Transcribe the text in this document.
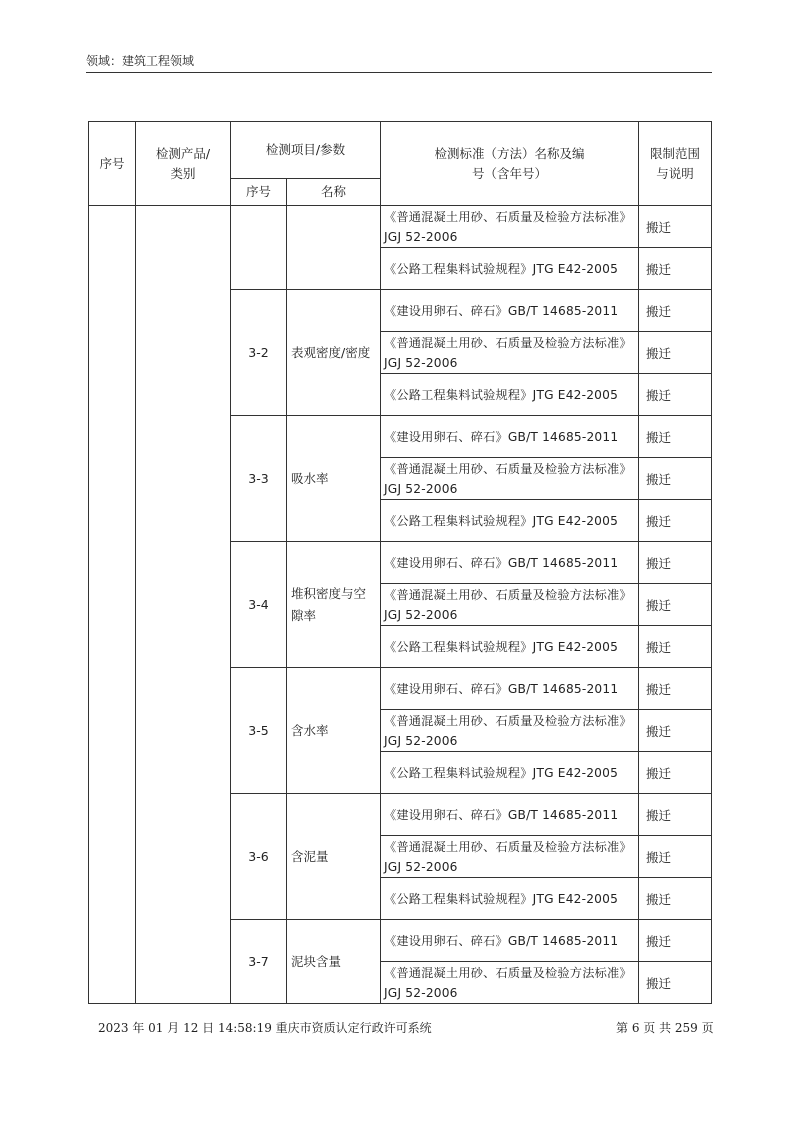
领域：建筑工程领域
序号	检测产品/类别	检测项目/参数		检测标准（方法）名称及编号（含年号）	限制范围与说明
		序号	名称		
				《普通混凝土用砂、石质量及检验方法标准》JGJ 52-2006	搬迁
				《公路工程集料试验规程》JTG E42-2005	搬迁
		3-2	表观密度/密度	《建设用卵石、碎石》GB/T 14685-2011	搬迁
				《普通混凝土用砂、石质量及检验方法标准》JGJ 52-2006	搬迁
				《公路工程集料试验规程》JTG E42-2005	搬迁
		3-3	吸水率	《建设用卵石、碎石》GB/T 14685-2011	搬迁
				《普通混凝土用砂、石质量及检验方法标准》JGJ 52-2006	搬迁
				《公路工程集料试验规程》JTG E42-2005	搬迁
		3-4	堆积密度与空隙率	《建设用卵石、碎石》GB/T 14685-2011	搬迁
				《普通混凝土用砂、石质量及检验方法标准》JGJ 52-2006	搬迁
				《公路工程集料试验规程》JTG E42-2005	搬迁
		3-5	含水率	《建设用卵石、碎石》GB/T 14685-2011	搬迁
				《普通混凝土用砂、石质量及检验方法标准》JGJ 52-2006	搬迁
				《公路工程集料试验规程》JTG E42-2005	搬迁
		3-6	含泥量	《建设用卵石、碎石》GB/T 14685-2011	搬迁
				《普通混凝土用砂、石质量及检验方法标准》JGJ 52-2006	搬迁
				《公路工程集料试验规程》JTG E42-2005	搬迁
		3-7	泥块含量	《建设用卵石、碎石》GB/T 14685-2011	搬迁
				《普通混凝土用砂、石质量及检验方法标准》JGJ 52-2006	搬迁
2023 年 01 月 12 日 14:58:19 重庆市资质认定行政许可系统	第 6 页 共 259 页
